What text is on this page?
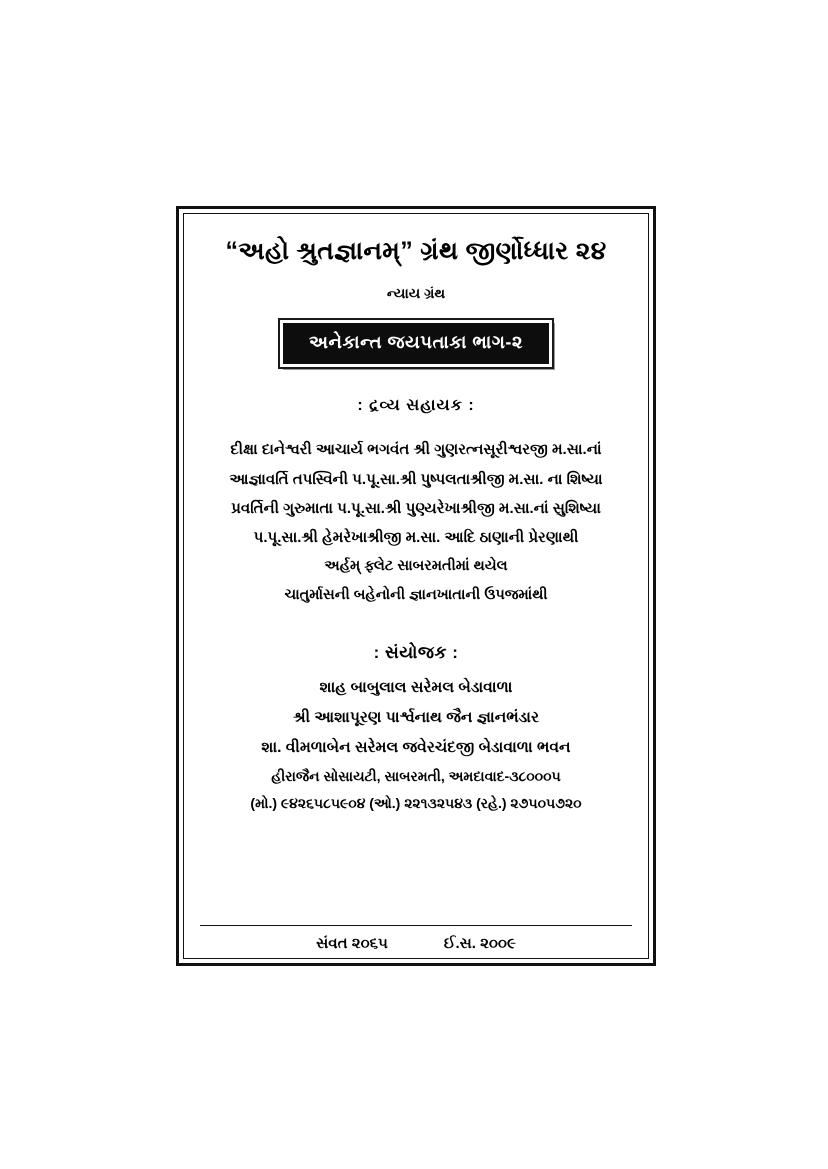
“અહો શ્રુતજ્ઞાનમ્” ગ્રંથ જીર્ણોધ્ધાર ૨૪
ન્યાય ગ્રંથ
અનેકાન્ત જયપતાકા ભાગ-૨
: દ્રવ્ય સહાયક :
દીક્ષા દાનેશ્વરી આચાર્ય ભગવંત શ્રી ગુણરત્નસૂરીશ્વરજી મ.સા.નાં
આજ્ઞાવર્તિ તપસ્વિની પ.પૂ.સા.શ્રી પુષ્પલતાશ્રીજી મ.સા. ના શિષ્યા
પ્રવર્તિની ગુરુમાતા પ.પૂ.સા.શ્રી પુણ્યરેખાશ્રીજી મ.સા.નાં સુશિષ્યા
પ.પૂ.સા.શ્રી હેમરેખાશ્રીજી મ.સા. આદિ ઠાણાની પ્રેરણાથી
અર્હમ્ ફ્લેટ સાબરમતીમાં થયેલ
ચાતુર્માસની બહેનોની જ્ઞાનખાતાની ઉપજમાંથી
: સંયોજક :
શાહ બાબુલાલ સરેમલ બેડાવાળા
શ્રી આશાપૂરણ પાર્શ્વનાથ જૈન જ્ઞાનભંડાર
શા. વીમળાબેન સરેમલ જવેરચંદજી બેડાવાળા ભવન
હીરાજૈન સોસાયટી, સાબરમતી, અમદાવાદ-૩૮૦૦૦૫
(મો.) ૯૪૨૬૫૮૫૯૦૪ (ઓ.) ૨૨૧૩૨૫૪૩ (રહે.) ૨૭૫૦૫૭૨૦
સંવત ૨૦૬૫	ઈ.સ. ૨૦૦૯
